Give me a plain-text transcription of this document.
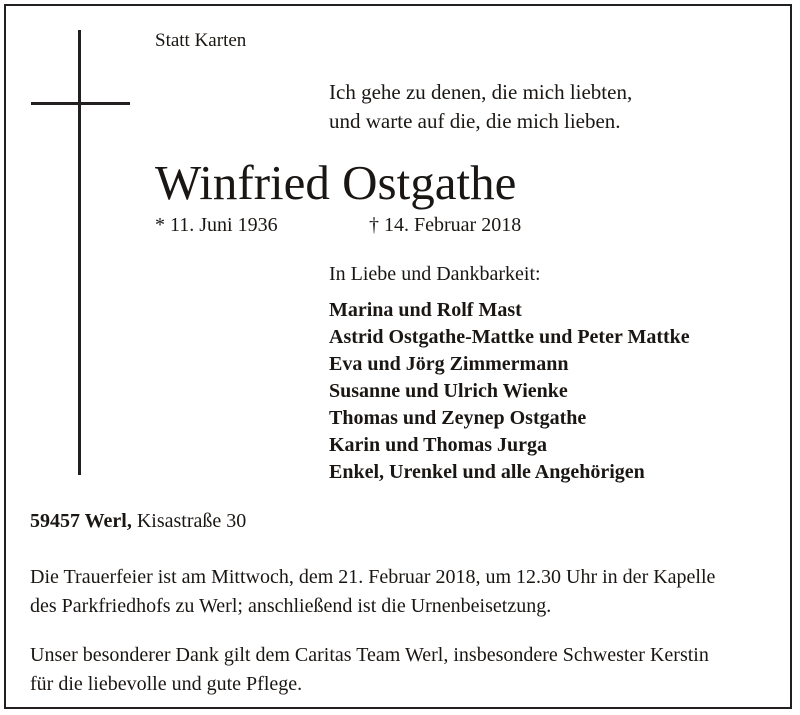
Statt Karten
Ich gehe zu denen, die mich liebten,
und warte auf die, die mich lieben.
Winfried Ostgathe
* 11. Juni 1936	† 14. Februar 2018
In Liebe und Dankbarkeit:
Marina und Rolf Mast
Astrid Ostgathe-Mattke und Peter Mattke
Eva und Jörg Zimmermann
Susanne und Ulrich Wienke
Thomas und Zeynep Ostgathe
Karin und Thomas Jurga
Enkel, Urenkel und alle Angehörigen
59457 Werl, Kisastraße 30
Die Trauerfeier ist am Mittwoch, dem 21. Februar 2018, um 12.30 Uhr in der Kapelle
des Parkfriedhofs zu Werl; anschließend ist die Urnenbeisetzung.
Unser besonderer Dank gilt dem Caritas Team Werl, insbesondere Schwester Kerstin
für die liebevolle und gute Pflege.
